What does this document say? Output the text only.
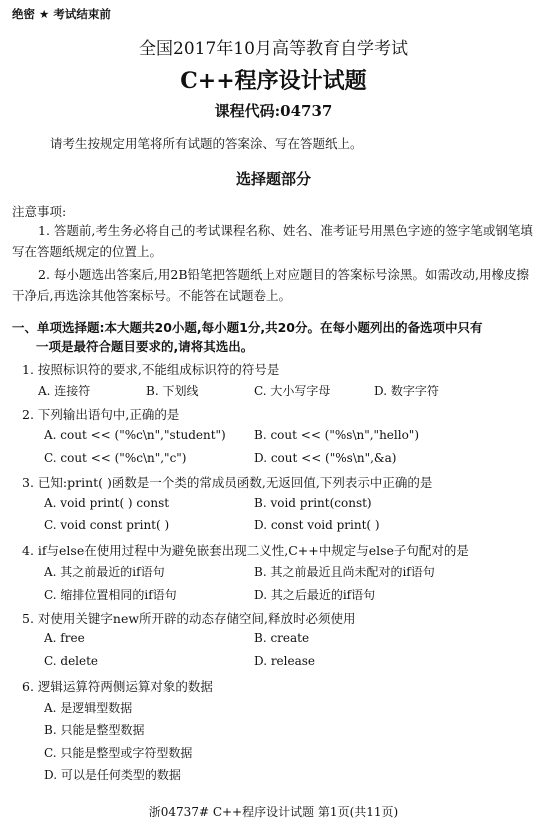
绝密 ★ 考试结束前
全国2017年10月高等教育自学考试
C++程序设计试题
课程代码:04737
请考生按规定用笔将所有试题的答案涂、写在答题纸上。
选择题部分
注意事项:
1. 答题前,考生务必将自己的考试课程名称、姓名、准考证号用黑色字迹的签字笔或钢笔填写在答题纸规定的位置上。
2. 每小题选出答案后,用2B铅笔把答题纸上对应题目的答案标号涂黑。如需改动,用橡皮擦干净后,再选涂其他答案标号。不能答在试题卷上。
一、单项选择题:本大题共20小题,每小题1分,共20分。在每小题列出的备选项中只有
一项是最符合题目要求的,请将其选出。
1. 按照标识符的要求,不能组成标识符的符号是
A. 连接符	B. 下划线	C. 大小写字母	D. 数字字符
2. 下列输出语句中,正确的是
A. cout << ("%c\n","student") B. cout << ("%s\n","hello")
C. cout << ("%c\n","c")	D. cout << ("%s\n",&a)
3. 已知:print( )函数是一个类的常成员函数,无返回值,下列表示中正确的是
A. void print( ) const	B. void print(const)
C. void const print( )	D. const void print( )
4. if与else在使用过程中为避免嵌套出现二义性,C++中规定与else子句配对的是
A. 其之前最近的if语句	B. 其之前最近且尚未配对的if语句
C. 缩排位置相同的if语句	D. 其之后最近的if语句
5. 对使用关键字new所开辟的动态存储空间,释放时必须使用
A. free	B. create
C. delete	D. release
6. 逻辑运算符两侧运算对象的数据
A. 是逻辑型数据
B. 只能是整型数据
C. 只能是整型或字符型数据
D. 可以是任何类型的数据
浙04737# C++程序设计试题 第1页(共11页)
